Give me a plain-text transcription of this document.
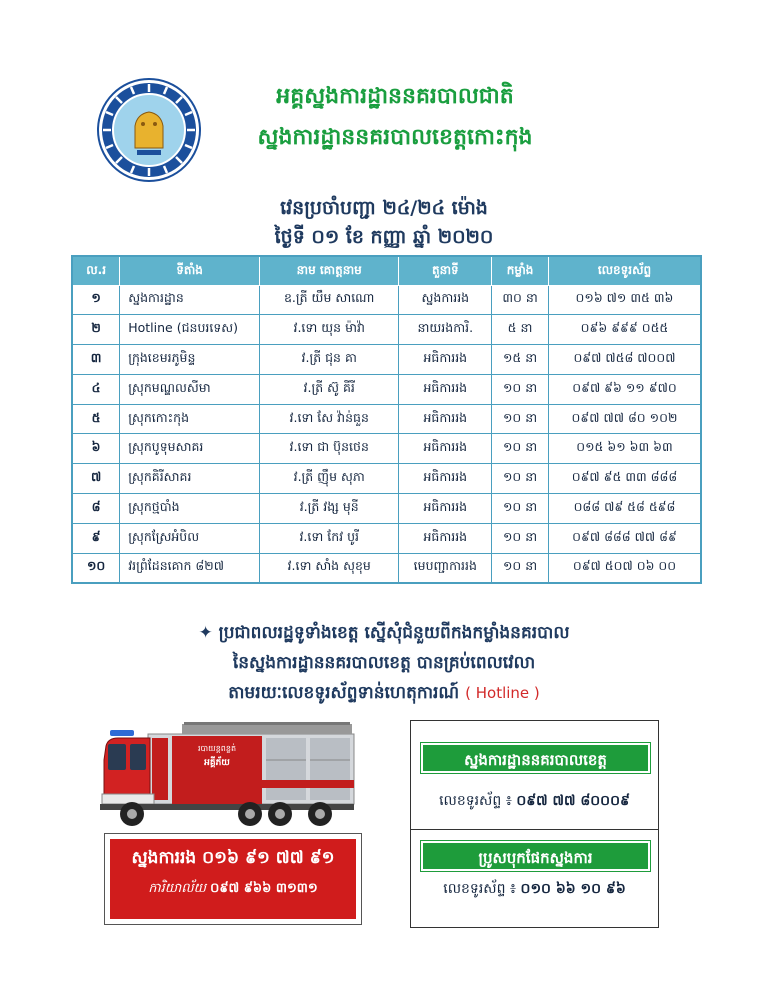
អគ្គស្នងការដ្ឋាននគរបាលជាតិ
ស្នងការដ្ឋាននគរបាលខេត្តកោះកុង
វេនប្រចាំបញ្ជា ២៤/២៤ ម៉ោង
ថ្ងៃទី ០១ ខែ កញ្ញា ឆ្នាំ ២០២០
ល.រ	ទីតាំង	នាម គោត្តនាម	តួនាទី	កម្លាំង	លេខទូរស័ព្ទ
១	ស្នងការដ្ឋាន	ឧ.ត្រី យឹម សាណោ	ស្នងការរង	៣០ នា	០១៦ ៧១ ៣៥ ៣៦
២	Hotline (ជនបរទេស)	វ.ទោ យុន ម៉ាវ៉ា	នាយរងការិ.	៥ នា	០៩៦ ៩៩៩ ០៥៥
៣	ក្រុងខេមរភូមិន្ទ	វ.ត្រី ជុន គា	អធិការរង	១៥ នា	០៩៧ ៧៥៨ ៧០០៧
៤	ស្រុកមណ្ឌលសីមា	វ.ត្រី ស៊ូ គីរី	អធិការរង	១០ នា	០៩៧ ៩៦ ១១ ៩៧០
៥	ស្រុកកោះកុង	វ.ទោ សែ វ៉ាន់ធួន	អធិការរង	១០ នា	០៩៧ ៧៧ ៨០ ១០២
៦	ស្រុកបូទុមសាគរ	វ.ទោ ជា ប៊ុនថេន	អធិការរង	១០ នា	០១៥ ៦១ ៦៣ ៦៣
៧	ស្រុកគិរីសាគរ	វ.ត្រី ញ៉ឹម សុភា	អធិការរង	១០ នា	០៩៧ ៩៥ ៣៣ ៨៨៨
៨	ស្រុកថ្មបាំង	វ.ត្រី វង្ស មុនី	អធិការរង	១០ នា	០៨៨ ៧៩ ៥៨ ៥៩៨
៩	ស្រុកស្រែអំបិល	វ.ទោ កែវ បូរី	អធិការរង	១០ នា	០៩៧ ៨៨៨ ៧៧ ៨៩
១០	វរព្រំដែនគោក ៨២៧	វ.ទោ សាំង សុខុម	មេបញ្ជាការរង	១០ នា	០៩៧ ៥០៧ ០៦ ០០
✦ ប្រជាពលរដ្ឋទូទាំងខេត្ត ស្នើសុំជំនួយពីកងកម្លាំងនគរបាល
នៃស្នងការដ្ឋាននគរបាលខេត្ត បានគ្រប់ពេលវេលា
តាមរយៈលេខទូរស័ព្ទទាន់ហេតុការណ៍ ( Hotline )
របាយន្តពន្លត់
អគ្គីភ័យ
ស្នងការរង ០១៦ ៩១ ៧៧ ៩១
ការិយាល័យ ០៩៧ ៩៦៦ ៣១៣១
ស្នងការដ្ឋាននគរបាលខេត្ត
លេខទូរស័ព្ទ ៖ ០៩៧ ៧៧ ៨០០០៩
ប្រូសបុកផែកស្នងការ
លេខទូរស័ព្ទ ៖ ០១០ ៦៦ ១០ ៩៦
